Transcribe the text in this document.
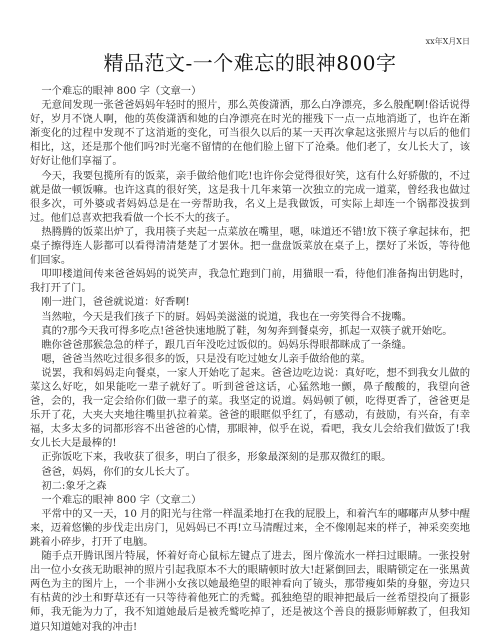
xx年X月X日
精品范文-一个难忘的眼神800字

一个难忘的眼神 800 字（文章一）

无意间发现一张爸爸妈妈年轻时的照片，那么英俊潇洒，那么白净漂亮，多么般配啊!俗话说得好，岁月不饶人啊，他的英俊潇洒和她的白净漂亮在时光的摧残下一点一点地消逝了，也许在渐渐变化的过程中发现不了这消逝的变化，可当很久以后的某一天再次拿起这张照片与以后的他们相比，这，还是那个他们吗?时光毫不留情的在他们脸上留下了沧桑。他们老了，女儿长大了，该好好让他们享福了。

今天，我要包揽所有的饭菜，亲手做给他们吃!也许你会觉得很好笑，这有什么好骄傲的，不过就是做一顿饭嘛。也许这真的很好笑，这是我十几年来第一次独立的完成一道菜，曾经我也做过很多次，可外婆或者妈妈总是在一旁帮助我，名义上是我做饭，可实际上却连一个锅都没拔到过。他们总喜欢把我看做一个长不大的孩子。

热腾腾的饭菜出炉了，我用筷子夹起一点菜放在嘴里，嗯，味道还不错!放下筷子拿起抹布，把桌子擦得连人影都可以看得清清楚楚了才罢休。把一盘盘饭菜放在桌子上，摆好了米饭，等待他们回家。

叩叩楼道间传来爸爸妈妈的说笑声，我急忙跑到门前，用猫眼一看，待他们准备掏出钥匙时，我打开了门。

刚一进门，爸爸就说道：好香啊!

当然啦，今天是我们孩子下的厨。妈妈美滋滋的说道，我也在一旁笑得合不拢嘴。

真的?那今天我可得多吃点!爸爸快速地脱了鞋，匆匆奔到餐桌旁，抓起一双筷子就开始吃。

瞧你爸爸那猴急急的样子，跟几百年没吃过饭似的。妈妈乐得眼都眯成了一条缝。

嗯，爸爸当然吃过很多很多的饭，只是没有吃过她女儿亲手做给他的菜。

说罢，我和妈妈走向餐桌，一家人开始吃了起来。爸爸边吃边说：真好吃，想不到我女儿做的菜这么好吃，如果能吃一辈子就好了。听到爸爸这话，心猛然地一颤，鼻子酸酸的，我望向爸爸，会的，我一定会给你们做一辈子的菜。我坚定的说道。妈妈顿了顿，吃得更香了，爸爸更是乐开了花，大夹大夹地往嘴里扒拉着菜。爸爸的眼眶似乎红了，有感动，有鼓励，有兴奋，有幸福，太多太多的词都形容不出爸爸的心情，那眼神，似乎在说，看吧，我女儿会给我们做饭了!我女儿长大是最棒的!

正弥饭吃下来，我收获了很多，明白了很多，形象最深刻的是那双微红的眼。

爸爸，妈妈，你们的女儿长大了。

初二:象牙之森

一个难忘的眼神 800 字（文章二）

平常中的又一天，10 月的阳光与往常一样温柔地打在我的屁股上，和着汽车的嘟嘟声从梦中醒来，迈着悠懒的步伐走出房门，见妈妈已不再!立马清醒过来，全不像刚起来的样子，神采奕奕地跳着小碎步，打开了电脑。

随手点开腾讯图片特展，怀着好奇心鼠标左键点了进去，图片像流水一样扫过眼睛。一张投射出一位小女孩无助眼神的照片引起我原本不大的眼睛顿时放大!赶紧倒回去，眼睛锁定在一张黑黄两色为主的图片上，一个非洲小女孩以她最绝望的眼神看向了镜头，那带瘦如柴的身躯，旁边只有枯黄的沙土和野草还有一只等待着他死亡的秃鹫。孤独绝望的眼神把最后一丝希望投向了摄影师，我无能为力了，我不知道她最后是被秃鹫吃掉了，还是被这个善良的摄影师解救了，但我知道只知道她对我的冲击!
